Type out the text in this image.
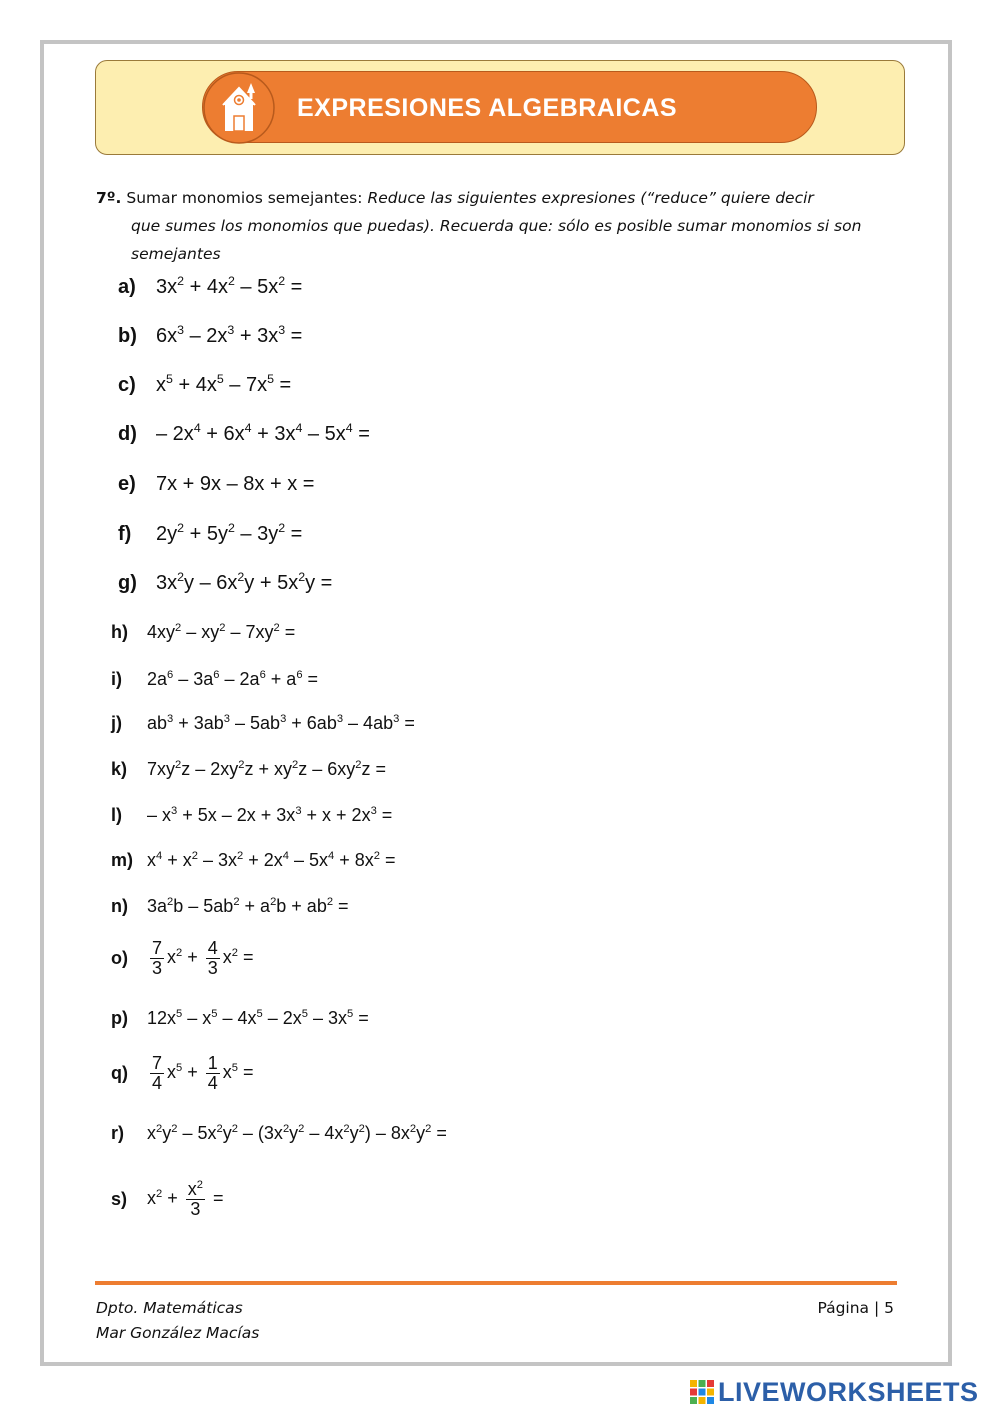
EXPRESIONES ALGEBRAICAS
7º. Sumar monomios semejantes: Reduce las siguientes expresiones (“reduce” quiere decir
que sumes los monomios que puedas). Recuerda que: sólo es posible sumar monomios si son
semejantes
a)	$3x^2 + 4x^2 - 5x^2$ =
b) $6x^3 - 2x^3 + 3x^3$ =
c)	$x^5 + 4x^5 - 7x^5$ =
$d) - 2x^4 + 6x^4 + 3x^4 - 5x^4$ =
e)	7x + 9x – 8x + x =
f)	$2y^2 + 5y^2 - 3y^2$ =
g) $3x^2y - 6x^2y + 5x^2y$ =
h)	$4xy^2 - xy^2 - 7xy^2$ =
i)	$2a^6 - 3a^6 - 2a^6 + a^6$ =
j)	$ab^3 + 3ab^3 - 5ab^3 + 6ab^3 - 4ab^3$ =
k)	$7xy^2z - 2xy^2z + xy^2z - 6xy^2z$ =
l)	– $x^3 + 5x - 2x + 3x^3 + x + 2x^3$ =
m) $x^4 + x^2 - 3x^2 + 2x^4 - 5x^4 + 8x^2$ =
n)	$3a^2b - 5ab^2 + a^2b + ab^2$ =
o)	$\frac{7}{3} x^2 + \frac{4}{3} x^2$ =
p)	$12x^5 - x^5 - 4x^5 - 2x^5 - 3x^5$ =
q)	$\frac{7}{4} x^5 + \frac{1}{4} x^5$ =
r)	$x^2y^2 - 5x^2y^2 - (3x^2y^2 - 4x^2y^2) - 8x^2y^2$ =
s)	$x^2 + \frac{x^2}{3}$ =
Dpto. Matemáticas
Mar González Macías
Página | 5
LIVEWORKSHEETS
